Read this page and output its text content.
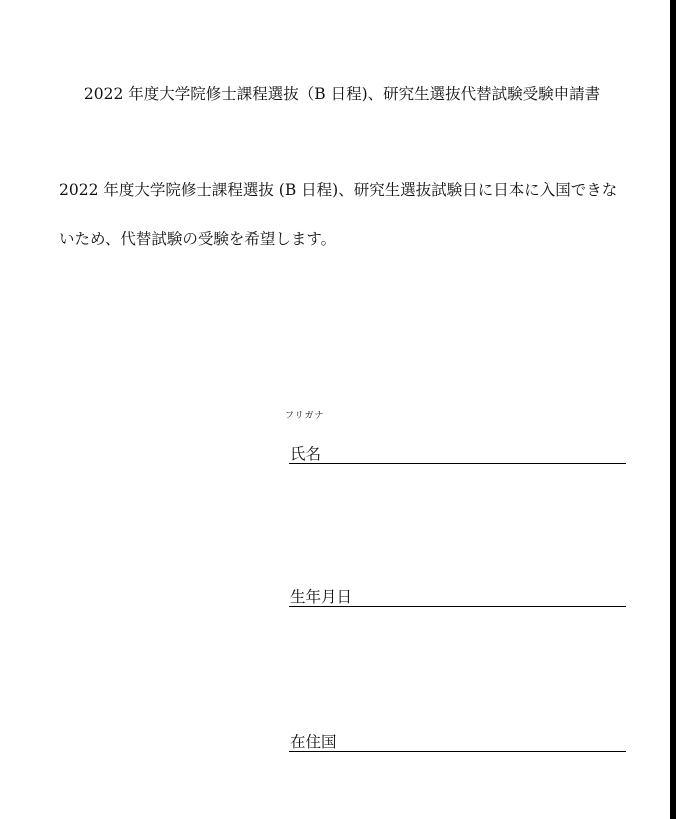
2022 年度大学院修士課程選抜（B 日程)、研究生選抜代替試験受験申請書
2022 年度大学院修士課程選抜 (B 日程)、研究生選抜試験日に日本に入国できな
いため、代替試験の受験を希望します。
フリガナ
氏名
生年月日
在住国
